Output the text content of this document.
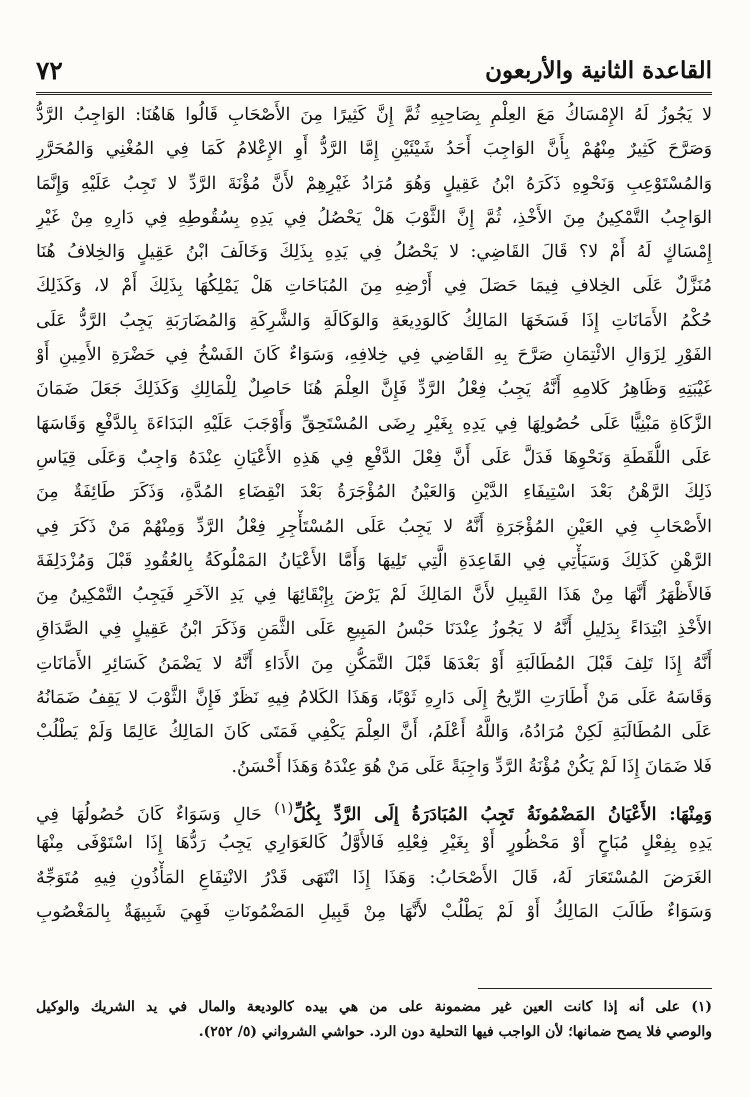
القاعدة الثانية والأربعون
٧٢
لا يَجُوزُ لَهُ الإِمْسَاكُ مَعَ العِلْمِ بِصَاحِبِهِ ثُمَّ إِنَّ كَثِيرًا مِنَ الأَصْحَابِ قَالُوا هَاهُنَا: الوَاجِبُ الرَّدُّ
وَصَرَّحَ كَثِيرٌ مِنْهُمْ بِأَنَّ الوَاجِبَ أَحَدُ شَيْئَيْنِ إِمَّا الرَّدُّ أَوِ الإِعْلامُ كَمَا فِي المُغْنِي وَالمُحَرَّرِ
وَالمُسْتَوْعِبِ وَنَحْوِهِ ذَكَرَهُ ابْنُ عَقِيلٍ وَهُوَ مُرَادُ غَيْرِهِمْ لأَنَّ مُؤْنَةَ الرَّدِّ لا تَجِبُ عَلَيْهِ وَإِنَّمَا
الوَاجِبُ التَّمْكِينُ مِنَ الأَخْذِ، ثُمَّ إِنَّ الثَّوْبَ هَلْ يَحْصُلُ فِي يَدِهِ بِسُقُوطِهِ فِي دَارِهِ مِنْ غَيْرِ
إِمْسَاكٍ لَهُ أَمْ لا؟ قَالَ القَاضِي: لا يَحْصُلُ فِي يَدِهِ بِذَلِكَ وَخَالَفَ ابْنُ عَقِيلٍ وَالخِلافُ هُنَا
مُنَزَّلٌ عَلَى الخِلافِ فِيمَا حَصَلَ فِي أَرْضِهِ مِنَ المُبَاحَاتِ هَلْ يَمْلِكُهَا بِذَلِكَ أَمْ لا، وَكَذَلِكَ
حُكْمُ الأَمَانَاتِ إِذَا فَسَخَهَا المَالِكُ كَالوَدِيعَةِ وَالوَكَالَةِ وَالشَّرِكَةِ وَالمُضَارَبَةِ يَجِبُ الرَّدُّ عَلَى
الفَوْرِ لِزَوَالِ الائْتِمَانِ صَرَّحَ بِهِ القَاضِي فِي خِلافِهِ، وَسَوَاءٌ كَانَ الفَسْخُ فِي حَضْرَةِ الأَمِينِ أَوْ
غَيْبَتِهِ وَظَاهِرُ كَلامِهِ أَنَّهُ يَجِبُ فِعْلُ الرَّدِّ فَإِنَّ العِلْمَ هُنَا حَاصِلٌ لِلْمَالِكِ وَكَذَلِكَ جَعَلَ ضَمَانَ
الزَّكَاةِ مَبْنِيًّا عَلَى حُصُولِهَا فِي يَدِهِ بِغَيْرِ رِضَى المُسْتَحِقِّ وَأَوْجَبَ عَلَيْهِ البَدَاءَةَ بِالدَّفْعِ وَقَاسَهَا
عَلَى اللُّقَطَةِ وَنَحْوِهَا فَدَلَّ عَلَى أَنَّ فِعْلَ الدَّفْعِ فِي هَذِهِ الأَعْيَانِ عِنْدَهُ وَاجِبٌ وَعَلَى قِيَاسِ
ذَلِكَ الرَّهْنُ بَعْدَ اسْتِيفَاءِ الدَّيْنِ وَالعَيْنُ المُؤْجَرَةُ بَعْدَ انْقِضَاءِ المُدَّةِ، وَذَكَرَ طَائِفَةٌ مِنَ
الأَصْحَابِ فِي العَيْنِ المُؤْجَرَةِ أَنَّهُ لا يَجِبُ عَلَى المُسْتَأْجِرِ فِعْلُ الرَّدِّ وَمِنْهُمْ مَنْ ذَكَرَ فِي
الرَّهْنِ كَذَلِكَ وَسَيَأْتِي فِي القَاعِدَةِ الَّتِي تَلِيهَا وَأَمَّا الأَعْيَانُ المَمْلُوكَةُ بِالعُقُودِ قَبْلَ وَمُزْدَلِفَةَ
فَالأَظْهَرُ أَنَّهَا مِنْ هَذَا القَبِيلِ لأَنَّ المَالِكَ لَمْ يَرْضَ بِإِبْقَائِهَا فِي يَدِ الآخَرِ فَيَجِبُ التَّمْكِينُ مِنَ
الأَخْذِ ابْتِدَاءً بِدَلِيلِ أَنَّهُ لا يَجُوزُ عِنْدَنَا حَبْسُ المَبِيعِ عَلَى الثَّمَنِ وَذَكَرَ ابْنُ عَقِيلٍ فِي الصَّدَاقِ
أَنَّهُ إِذَا تَلِفَ قَبْلَ المُطَالَبَةِ أَوْ بَعْدَهَا قَبْلَ التَّمَكُّنِ مِنَ الأَدَاءِ أَنَّهُ لا يَضْمَنُ كَسَائِرِ الأَمَانَاتِ
وَقَاسَهُ عَلَى مَنْ أَطَارَتِ الرِّيحُ إِلَى دَارِهِ ثَوْبًا، وَهَذَا الكَلامُ فِيهِ نَظَرٌ فَإِنَّ الثَّوْبَ لا يَقِفُ ضَمَانُهُ
عَلَى المُطَالَبَةِ لَكِنْ مُرَادُهُ، وَاللَّهُ أَعْلَمُ، أَنَّ العِلْمَ يَكْفِي فَمَتَى كَانَ المَالِكُ عَالِمًا وَلَمْ يَطْلُبْ
فَلا ضَمَانَ إِذَا لَمْ يَكُنْ مُؤْنَةُ الرَّدِّ وَاجِبَةً عَلَى مَنْ هُوَ عِنْدَهُ وَهَذَا أَحْسَنُ.
وَمِنْهَا: الأَعْيَانُ المَضْمُونَةُ تَجِبُ المُبَادَرَةُ إِلَى الرَّدِّ بِكُلِّ$^{(١)}$ حَالٍ وَسَوَاءٌ كَانَ حُصُولُهَا فِي
يَدِهِ بِفِعْلٍ مُبَاحٍ أَوْ مَحْظُورٍ أَوْ بِغَيْرِ فِعْلِهِ فَالأَوَّلُ كَالعَوَارِي يَجِبُ رَدُّهَا إِذَا اسْتَوْفَى مِنْهَا
الغَرَضَ المُسْتَعَارَ لَهُ، قَالَ الأَصْحَابُ: وَهَذَا إِذَا انْتَهَى قَدْرُ الانْتِفَاعِ المَأْذُونِ فِيهِ مُتَوَجِّهٌ
وَسَوَاءٌ طَالَبَ المَالِكُ أَوْ لَمْ يَطْلُبْ لأَنَّهَا مِنْ قَبِيلِ المَضْمُونَاتِ فَهِيَ شَبِيهَةٌ بِالمَغْصُوبِ
(١) على أنه إذا كانت العين غير مضمونة على من هي بيده كالوديعة والمال في يد الشريك والوكيل
والوصي فلا يصح ضمانها؛ لأن الواجب فيها التحلية دون الرد. حواشي الشرواني (٥/ ٢٥٢).
